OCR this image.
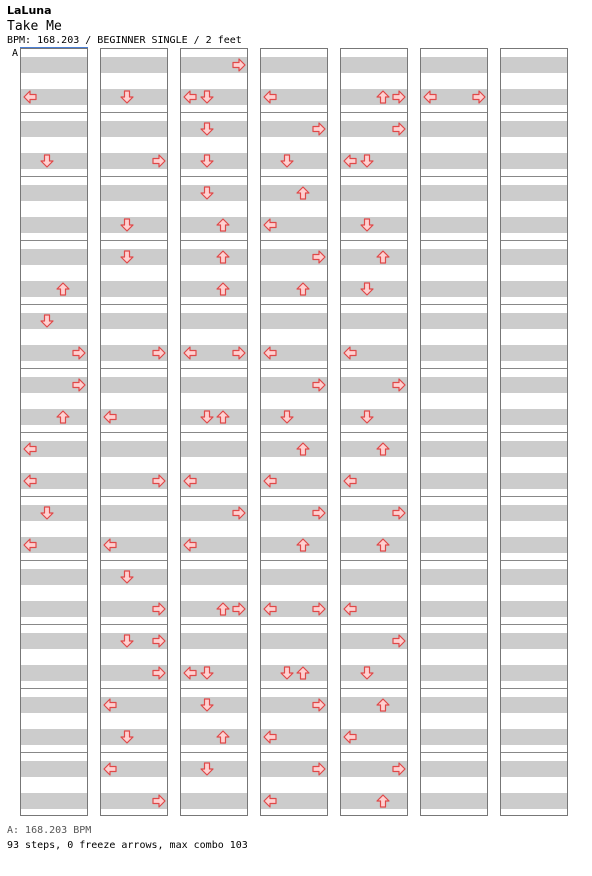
LaLuna
Take Me
BPM: 168.203 / BEGINNER SINGLE / 2 feet
A
A: 168.203 BPM
93 steps, 0 freeze arrows, max combo 103
